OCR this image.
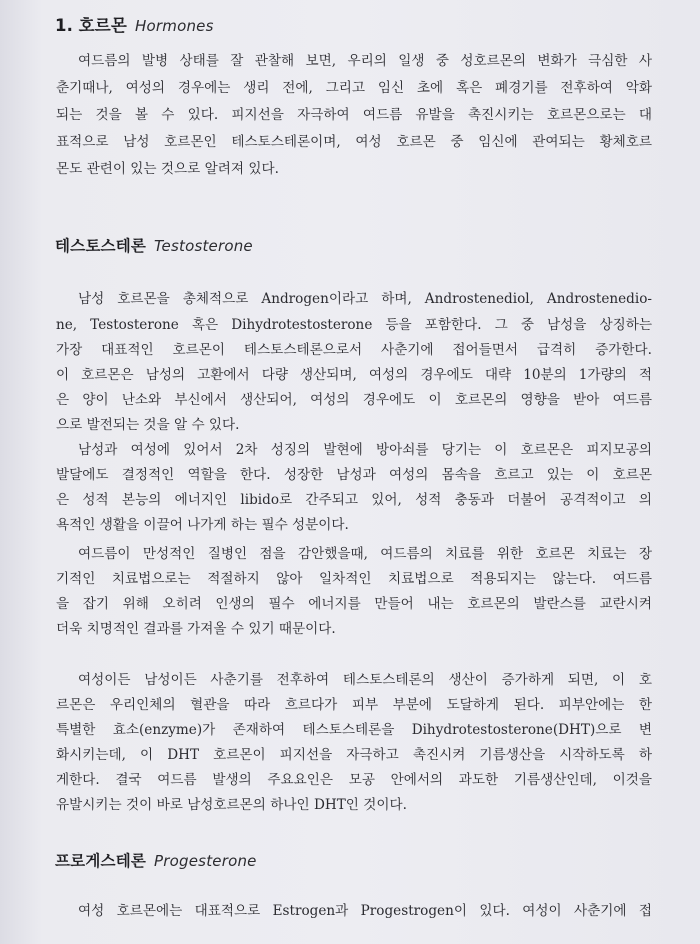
1. 호르몬 Hormones
여드름의 발병 상태를 잘 관찰해 보면, 우리의 일생 중 성호르몬의 변화가 극심한 사
춘기때나, 여성의 경우에는 생리 전에, 그리고 임신 초에 혹은 폐경기를 전후하여 악화
되는 것을 볼 수 있다. 피지선을 자극하여 여드름 유발을 촉진시키는 호르몬으로는 대
표적으로 남성 호르몬인 테스토스테론이며, 여성 호르몬 중 임신에 관여되는 황체호르
몬도 관련이 있는 것으로 알려져 있다.
테스토스테론 Testosterone
남성 호르몬을 총체적으로 Androgen이라고 하며, Androstenediol, Androstenedio-
ne, Testosterone 혹은 Dihydrotestosterone 등을 포함한다. 그 중 남성을 상징하는
가장 대표적인 호르몬이 테스토스테론으로서 사춘기에 접어들면서 급격히 증가한다.
이 호르몬은 남성의 고환에서 다량 생산되며, 여성의 경우에도 대략 10분의 1가량의 적
은 양이 난소와 부신에서 생산되어, 여성의 경우에도 이 호르몬의 영향을 받아 여드름
으로 발전되는 것을 알 수 있다.
남성과 여성에 있어서 2차 성징의 발현에 방아쇠를 당기는 이 호르몬은 피지모공의
발달에도 결정적인 역할을 한다. 성장한 남성과 여성의 몸속을 흐르고 있는 이 호르몬
은 성적 본능의 에너지인 libido로 간주되고 있어, 성적 충동과 더불어 공격적이고 의
욕적인 생활을 이끌어 나가게 하는 필수 성분이다.
여드름이 만성적인 질병인 점을 감안했을때, 여드름의 치료를 위한 호르몬 치료는 장
기적인 치료법으로는 적절하지 않아 일차적인 치료법으로 적용되지는 않는다. 여드름
을 잡기 위해 오히려 인생의 필수 에너지를 만들어 내는 호르몬의 발란스를 교란시켜
더욱 치명적인 결과를 가져올 수 있기 때문이다.
여성이든 남성이든 사춘기를 전후하여 테스토스테론의 생산이 증가하게 되면, 이 호
르몬은 우리인체의 혈관을 따라 흐르다가 피부 부분에 도달하게 된다. 피부안에는 한
특별한 효소(enzyme)가 존재하여 테스토스테론을 Dihydrotestosterone(DHT)으로 변
화시키는데, 이 DHT 호르몬이 피지선을 자극하고 촉진시켜 기름생산을 시작하도록 하
게한다. 결국 여드름 발생의 주요요인은 모공 안에서의 과도한 기름생산인데, 이것을
유발시키는 것이 바로 남성호르몬의 하나인 DHT인 것이다.
프로게스테론 Progesterone
여성 호르몬에는 대표적으로 Estrogen과 Progestrogen이 있다. 여성이 사춘기에 접
